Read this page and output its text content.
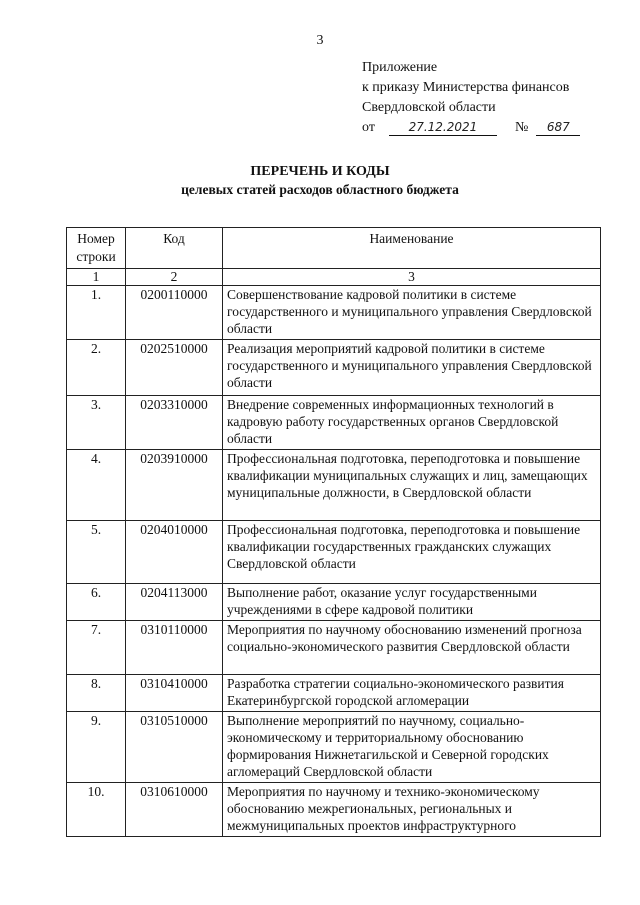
3
Приложение
к приказу Министерства финансов
Свердловской области
от	27.12.2021	№ 687
ПЕРЕЧЕНЬ И КОДЫ
целевых статей расходов областного бюджета
Номер
строки	Код	Наименование
1	2	3
1.	0200110000	Совершенствование кадровой политики в системе государственного и муниципального управления Свердловской области
2.	0202510000	Реализация мероприятий кадровой политики в системе государственного и муниципального управления Свердловской области
3.	0203310000	Внедрение современных информационных технологий в кадровую работу государственных органов Свердловской области
4.	0203910000	Профессиональная подготовка, переподготовка и повышение квалификации муниципальных служащих и лиц, замещающих муниципальные должности, в Свердловской области
5.	0204010000	Профессиональная подготовка, переподготовка и повышение квалификации государственных гражданских служащих Свердловской области
6.	0204113000	Выполнение работ, оказание услуг государственными учреждениями в сфере кадровой политики
7.	0310110000	Мероприятия по научному обоснованию изменений прогноза социально-экономического развития Свердловской области
8.	0310410000	Разработка стратегии социально-экономического развития Екатеринбургской городской агломерации
9.	0310510000	Выполнение мероприятий по научному, социально-экономическому и территориальному обоснованию формирования Нижнетагильской и Северной городских агломераций Свердловской области
10.	0310610000	Мероприятия по научному и технико-экономическому обоснованию межрегиональных, региональных и межмуниципальных проектов инфраструктурного
